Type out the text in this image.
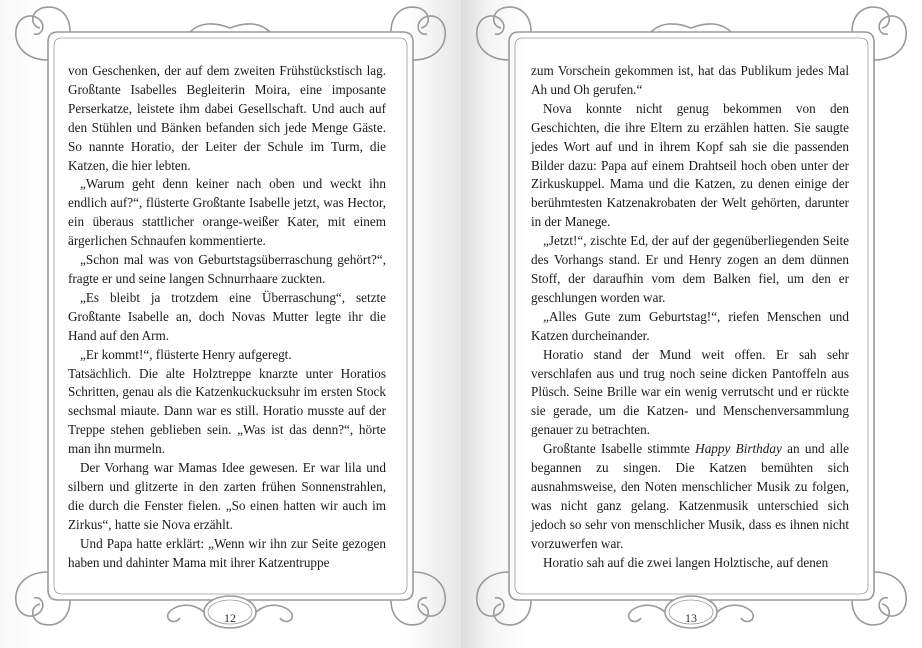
von Geschenken, der auf dem zweiten Frühstückstisch lag. Großtante Isabelles Begleiterin Moira, eine imposante Perserkatze, leistete ihm dabei Gesellschaft. Und auch auf den Stühlen und Bänken befanden sich jede Menge Gäste. So nannte Horatio, der Leiter der Schule im Turm, die Katzen, die hier lebten.

„Warum geht denn keiner nach oben und weckt ihn endlich auf?“, flüsterte Großtante Isabelle jetzt, was Hector, ein überaus stattlicher orange-weißer Kater, mit einem ärgerlichen Schnaufen kommentierte.

„Schon mal was von Geburtstagsüberraschung gehört?“, fragte er und seine langen Schnurrhaare zuckten.

„Es bleibt ja trotzdem eine Überraschung“, setzte Großtante Isabelle an, doch Novas Mutter legte ihr die Hand auf den Arm.

„Er kommt!“, flüsterte Henry aufgeregt.

Tatsächlich. Die alte Holztreppe knarzte unter Horatios Schritten, genau als die Katzenkuckucksuhr im ersten Stock sechsmal miaute. Dann war es still. Horatio musste auf der Treppe stehen geblieben sein. „Was ist das denn?“, hörte man ihn murmeln.

Der Vorhang war Mamas Idee gewesen. Er war lila und silbern und glitzerte in den zarten frühen Sonnenstrahlen, die durch die Fenster fielen. „So einen hatten wir auch im Zirkus“, hatte sie Nova erzählt.

Und Papa hatte erklärt: „Wenn wir ihn zur Seite gezogen haben und dahinter Mama mit ihrer Katzentruppe

12

zum Vorschein gekommen ist, hat das Publikum jedes Mal Ah und Oh gerufen.“

Nova konnte nicht genug bekommen von den Geschichten, die ihre Eltern zu erzählen hatten. Sie saugte jedes Wort auf und in ihrem Kopf sah sie die passenden Bilder dazu: Papa auf einem Drahtseil hoch oben unter der Zirkuskuppel. Mama und die Katzen, zu denen einige der berühmtesten Katzenakrobaten der Welt gehörten, darunter in der Manege.

„Jetzt!“, zischte Ed, der auf der gegenüberliegenden Seite des Vorhangs stand. Er und Henry zogen an dem dünnen Stoff, der daraufhin vom dem Balken fiel, um den er geschlungen worden war.

„Alles Gute zum Geburtstag!“, riefen Menschen und Katzen durcheinander.

Horatio stand der Mund weit offen. Er sah sehr verschlafen aus und trug noch seine dicken Pantoffeln aus Plüsch. Seine Brille war ein wenig verrutscht und er rückte sie gerade, um die Katzen- und Menschenversammlung genauer zu betrachten.

Großtante Isabelle stimmte Happy Birthday an und alle begannen zu singen. Die Katzen bemühten sich ausnahmsweise, den Noten menschlicher Musik zu folgen, was nicht ganz gelang. Katzenmusik unterschied sich jedoch so sehr von menschlicher Musik, dass es ihnen nicht vorzuwerfen war.

Horatio sah auf die zwei langen Holztische, auf denen

13
